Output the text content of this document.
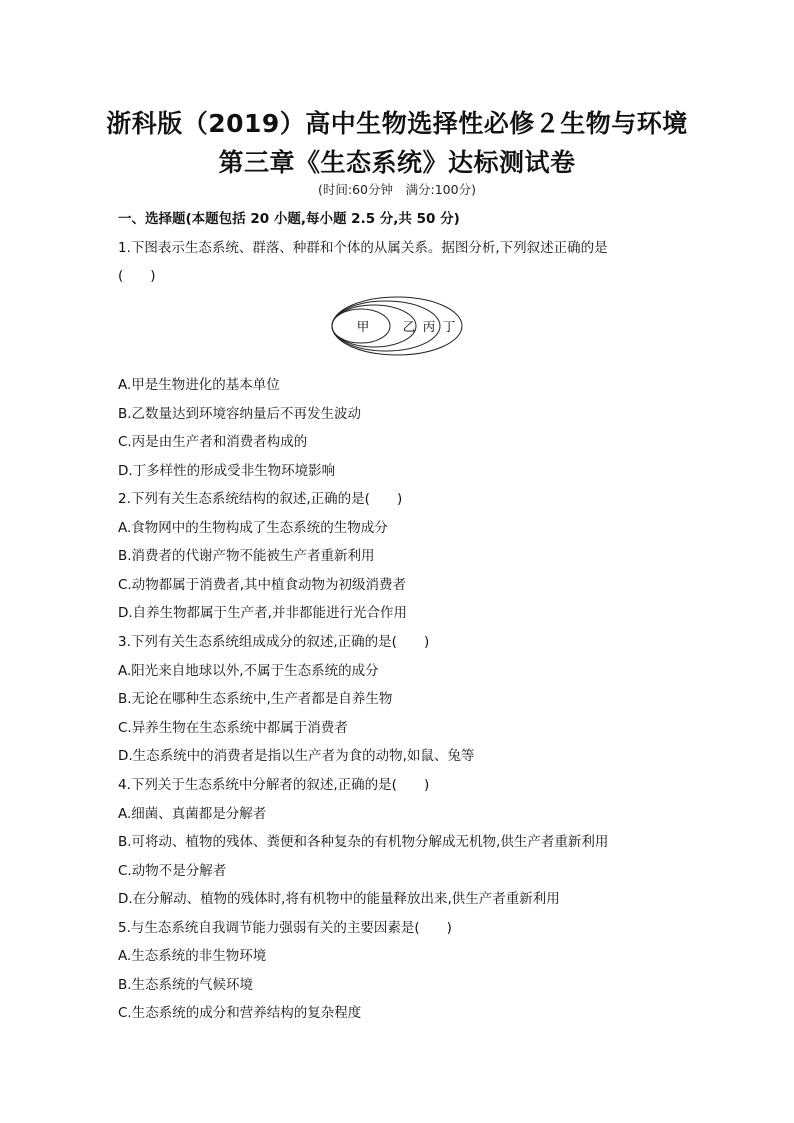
浙科版（2019）高中生物选择性必修２生物与环境
第三章《生态系统》达标测试卷
(时间:60分钟　满分:100分)
一、选择题(本题包括 20 小题,每小题 2.5 分,共 50 分)
1.下图表示生态系统、群落、种群和个体的从属关系。据图分析,下列叙述正确的是
(　　)
甲	乙 丙 丁
A.甲是生物进化的基本单位
B.乙数量达到环境容纳量后不再发生波动
C.丙是由生产者和消费者构成的
D.丁多样性的形成受非生物环境影响
2.下列有关生态系统结构的叙述,正确的是(　　)
A.食物网中的生物构成了生态系统的生物成分
B.消费者的代谢产物不能被生产者重新利用
C.动物都属于消费者,其中植食动物为初级消费者
D.自养生物都属于生产者,并非都能进行光合作用
3.下列有关生态系统组成成分的叙述,正确的是(　　)
A.阳光来自地球以外,不属于生态系统的成分
B.无论在哪种生态系统中,生产者都是自养生物
C.异养生物在生态系统中都属于消费者
D.生态系统中的消费者是指以生产者为食的动物,如鼠、兔等
4.下列关于生态系统中分解者的叙述,正确的是(　　)
A.细菌、真菌都是分解者
B.可将动、植物的残体、粪便和各种复杂的有机物分解成无机物,供生产者重新利用
C.动物不是分解者
D.在分解动、植物的残体时,将有机物中的能量释放出来,供生产者重新利用
5.与生态系统自我调节能力强弱有关的主要因素是(　　)
A.生态系统的非生物环境
B.生态系统的气候环境
C.生态系统的成分和营养结构的复杂程度
